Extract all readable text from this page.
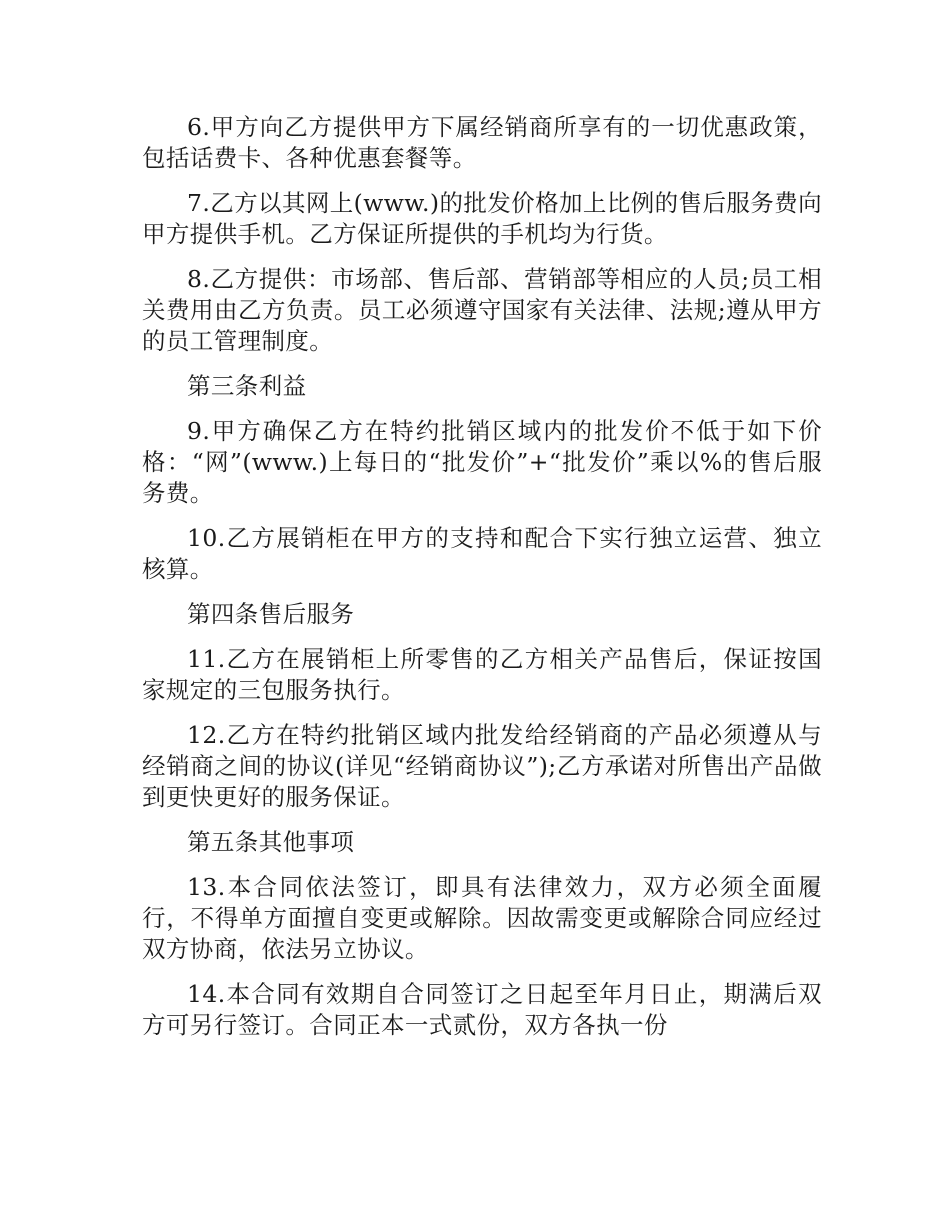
6.甲方向乙方提供甲方下属经销商所享有的一切优惠政策，包括话费卡、各种优惠套餐等。

7.乙方以其网上(www.)的批发价格加上比例的售后服务费向甲方提供手机。乙方保证所提供的手机均为行货。

8.乙方提供：市场部、售后部、营销部等相应的人员;员工相关费用由乙方负责。员工必须遵守国家有关法律、法规;遵从甲方的员工管理制度。

第三条利益

9.甲方确保乙方在特约批销区域内的批发价不低于如下价格：“网”(www.)上每日的“批发价”+“批发价”乘以%的售后服务费。

10.乙方展销柜在甲方的支持和配合下实行独立运营、独立核算。

第四条售后服务

11.乙方在展销柜上所零售的乙方相关产品售后，保证按国家规定的三包服务执行。

12.乙方在特约批销区域内批发给经销商的产品必须遵从与经销商之间的协议(详见“经销商协议”);乙方承诺对所售出产品做到更快更好的服务保证。

第五条其他事项

13.本合同依法签订，即具有法律效力，双方必须全面履行，不得单方面擅自变更或解除。因故需变更或解除合同应经过双方协商，依法另立协议。

14.本合同有效期自合同签订之日起至年月日止，期满后双方可另行签订。合同正本一式贰份，双方各执一份
